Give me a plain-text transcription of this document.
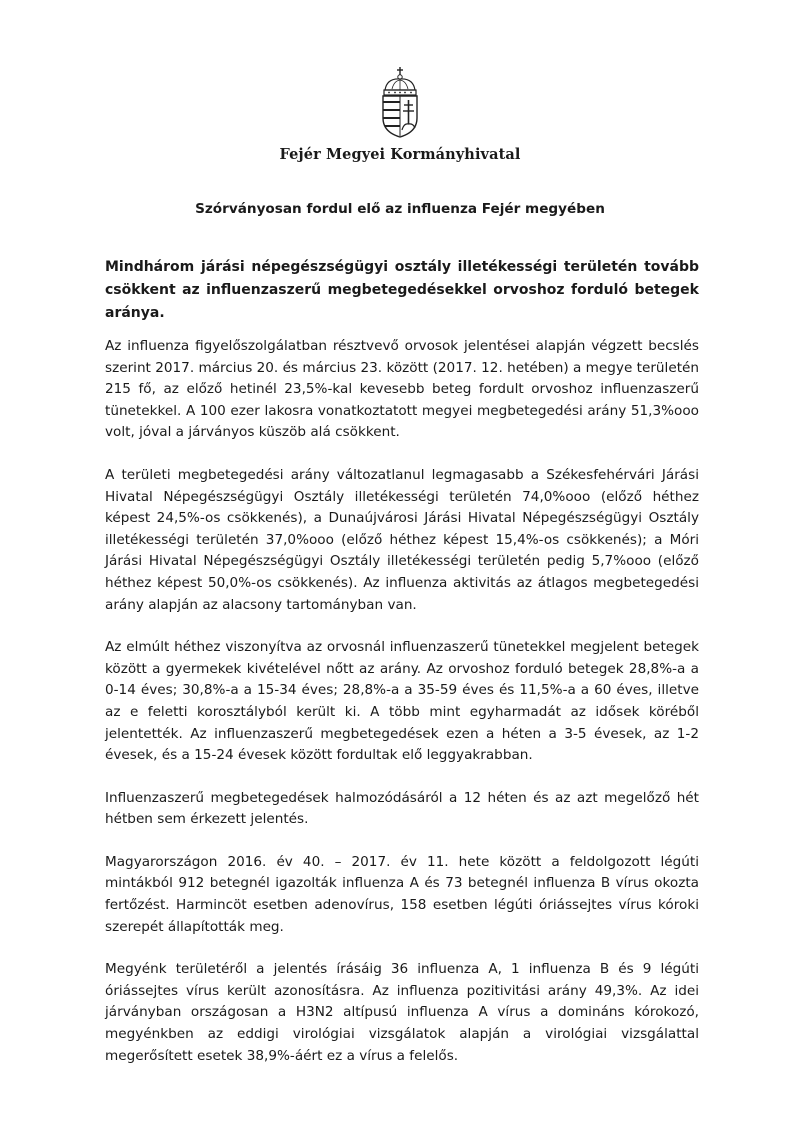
Fejér Megyei Kormányhivatal
Szórványosan fordul elő az influenza Fejér megyében
Mindhárom járási népegészségügyi osztály illetékességi területén tovább csökkent az influenzaszerű megbetegedésekkel orvoshoz forduló betegek aránya.

Az influenza figyelőszolgálatban résztvevő orvosok jelentései alapján végzett becslés szerint 2017. március 20. és március 23. között (2017. 12. hetében) a megye területén 215 fő, az előző hetinél 23,5%-kal kevesebb beteg fordult orvoshoz influenzaszerű tünetekkel. A 100 ezer lakosra vonatkoztatott megyei megbetegedési arány 51,3%ooo volt, jóval a járványos küszöb alá csökkent.

A területi megbetegedési arány változatlanul legmagasabb a Székesfehérvári Járási Hivatal Népegészségügyi Osztály illetékességi területén 74,0%ooo (előző héthez képest 24,5%-os csökkenés), a Dunaújvárosi Járási Hivatal Népegészségügyi Osztály illetékességi területén 37,0%ooo (előző héthez képest 15,4%-os csökkenés); a Móri Járási Hivatal Népegészségügyi Osztály illetékességi területén pedig 5,7%ooo (előző héthez képest 50,0%-os csökkenés). Az influenza aktivitás az átlagos megbetegedési arány alapján az alacsony tartományban van.

Az elmúlt héthez viszonyítva az orvosnál influenzaszerű tünetekkel megjelent betegek között a gyermekek kivételével nőtt az arány. Az orvoshoz forduló betegek 28,8%-a a 0-14 éves; 30,8%-a a 15-34 éves; 28,8%-a a 35-59 éves és 11,5%-a a 60 éves, illetve az e feletti korosztályból került ki. A több mint egyharmadát az idősek köréből jelentették. Az influenzaszerű megbetegedések ezen a héten a 3-5 évesek, az 1-2 évesek, és a 15-24 évesek között fordultak elő leggyakrabban.

Influenzaszerű megbetegedések halmozódásáról a 12 héten és az azt megelőző hét hétben sem érkezett jelentés.

Magyarországon 2016. év 40. – 2017. év 11. hete között a feldolgozott légúti mintákból 912 betegnél igazolták influenza A és 73 betegnél influenza B vírus okozta fertőzést. Harmincöt esetben adenovírus, 158 esetben légúti óriássejtes vírus kóroki szerepét állapították meg.

Megyénk területéről a jelentés írásáig 36 influenza A, 1 influenza B és 9 légúti óriássejtes vírus került azonosításra. Az influenza pozitivitási arány 49,3%. Az idei járványban országosan a H3N2 altípusú influenza A vírus a domináns kórokozó, megyénkben az eddigi virológiai vizsgálatok alapján a virológiai vizsgálattal megerősített esetek 38,9%-áért ez a vírus a felelős.
